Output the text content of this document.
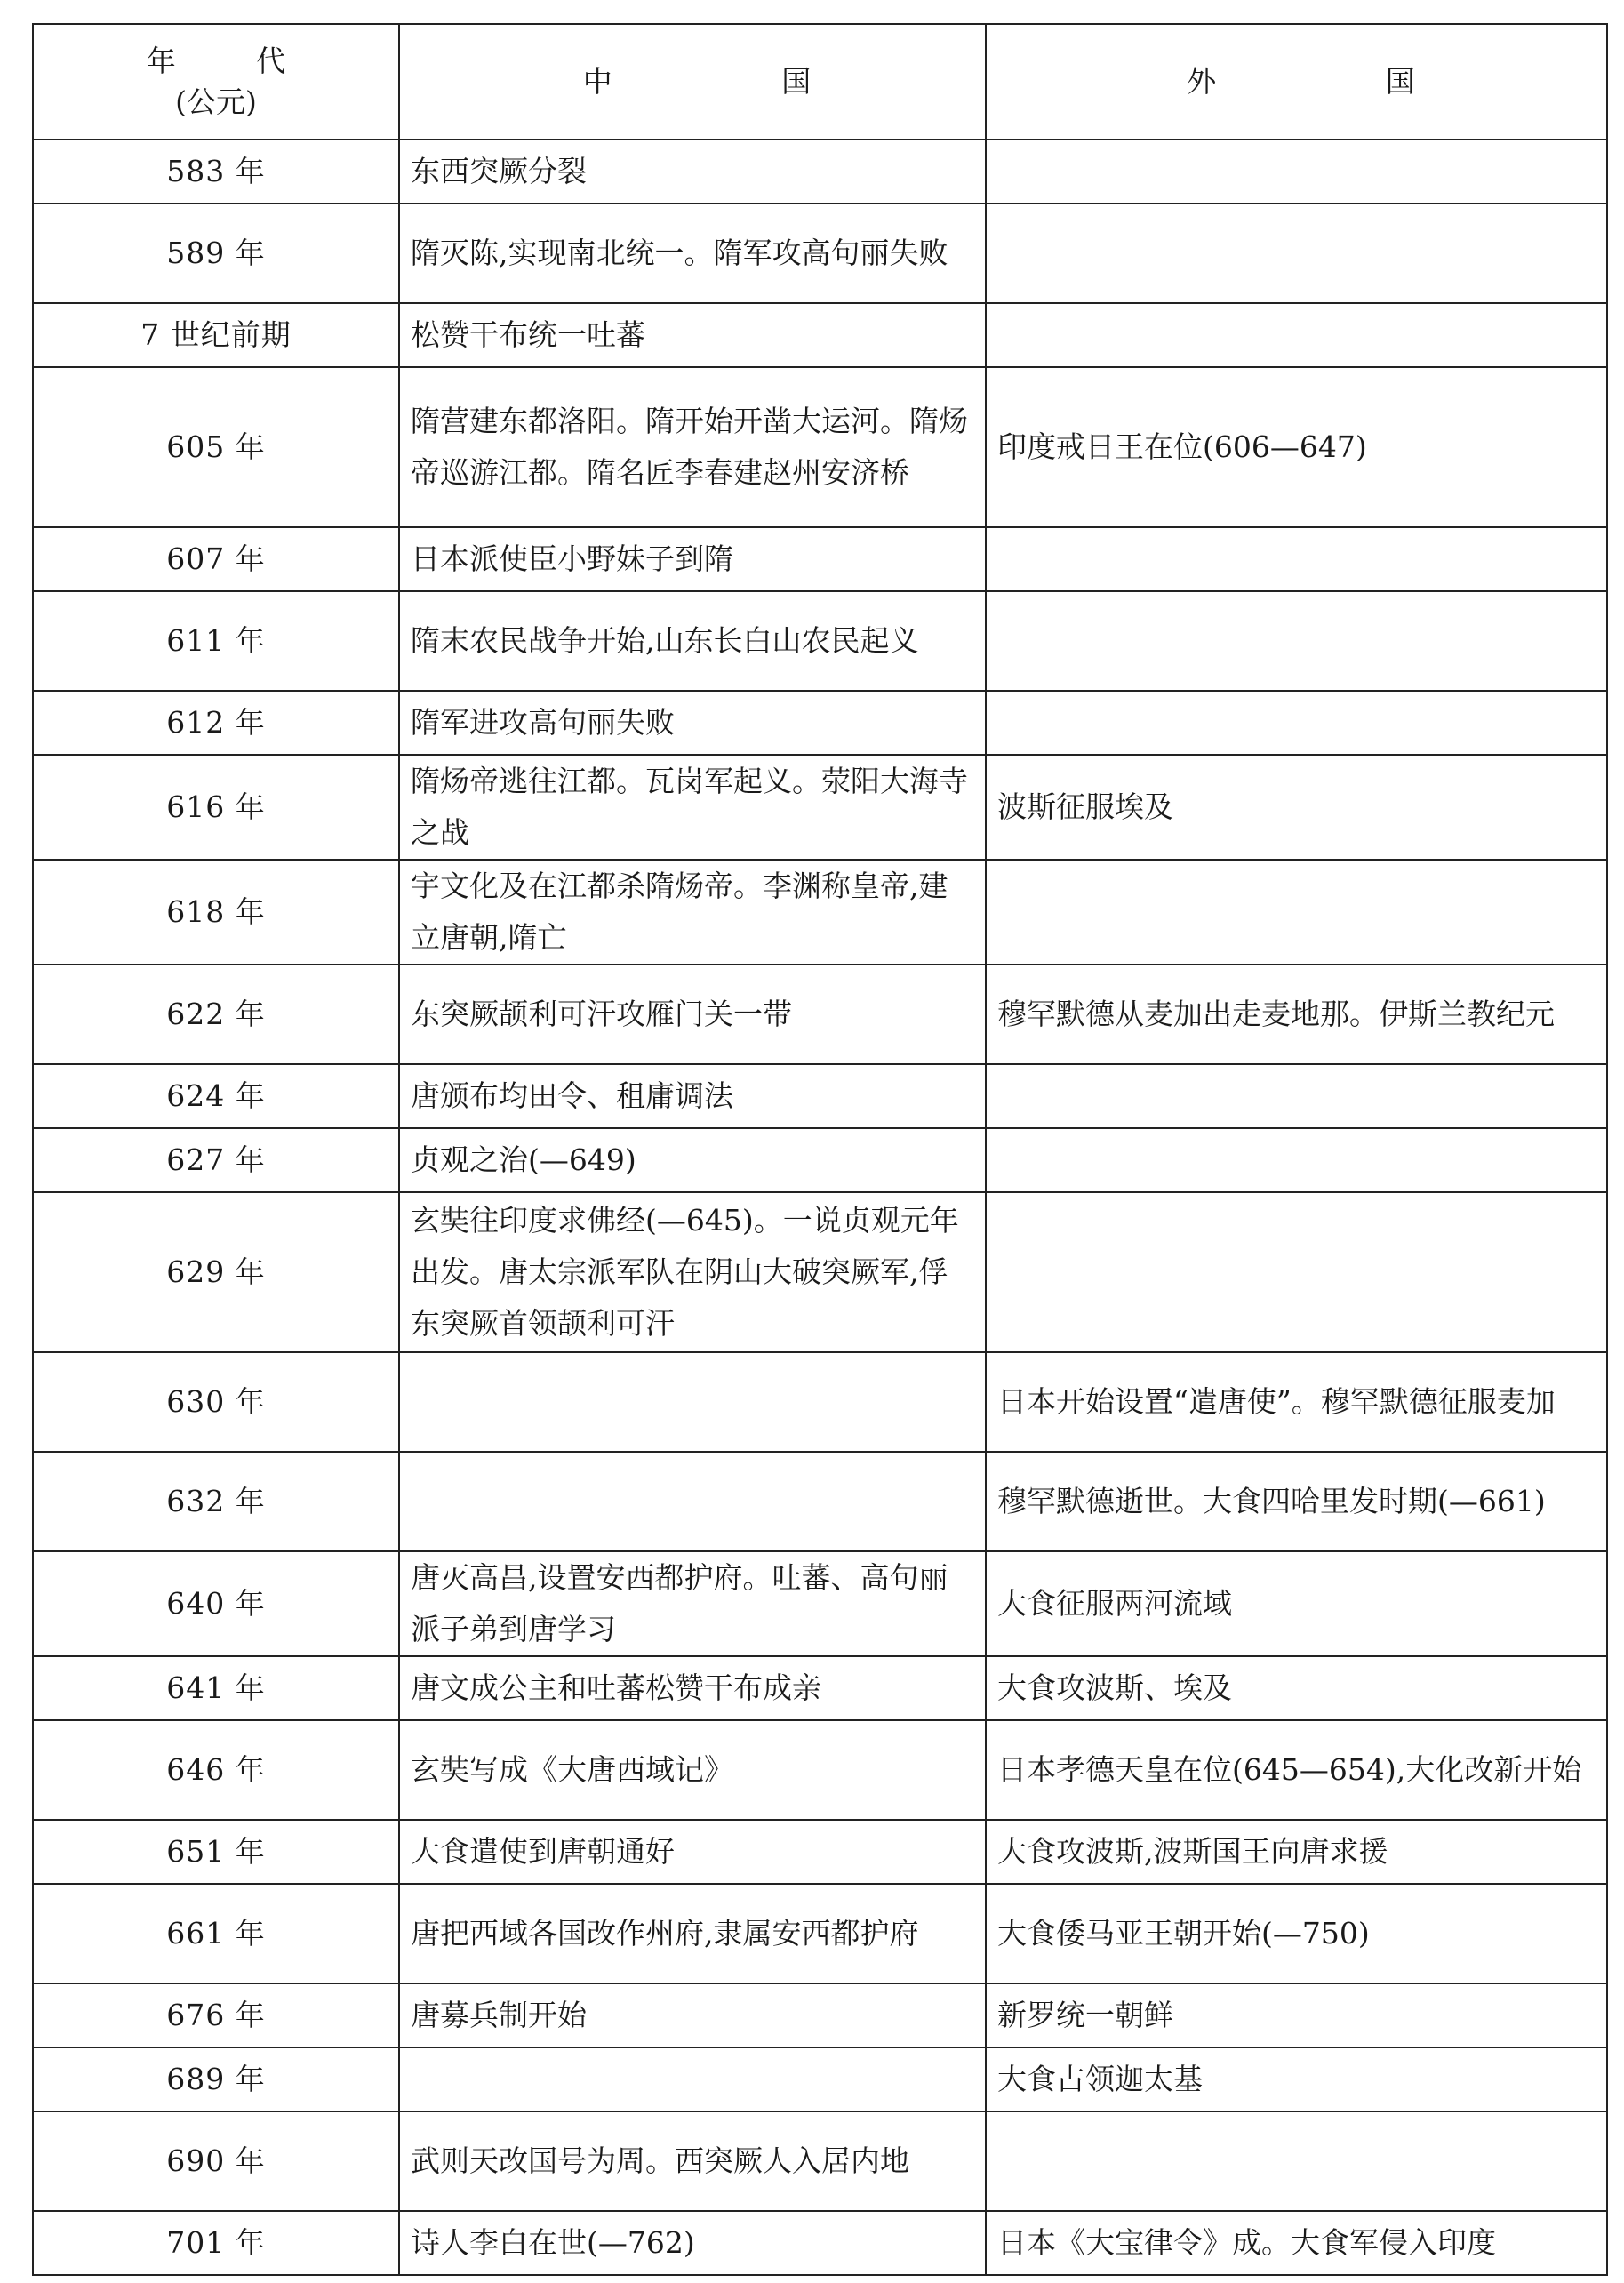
年 代
(公元)	中 国	外 国
583 年	东西突厥分裂	
589 年	隋灭陈,实现南北统一。隋军攻高句丽失败	
7 世纪前期	松赞干布统一吐蕃	
605 年	隋营建东都洛阳。隋开始开凿大运河。隋炀帝巡游江都。隋名匠李春建赵州安济桥	印度戒日王在位(606—647)
607 年	日本派使臣小野妹子到隋	
611 年	隋末农民战争开始,山东长白山农民起义	
612 年	隋军进攻高句丽失败	
616 年	隋炀帝逃往江都。瓦岗军起义。荥阳大海寺之战	波斯征服埃及
618 年	宇文化及在江都杀隋炀帝。李渊称皇帝,建立唐朝,隋亡	
622 年	东突厥颉利可汗攻雁门关一带	穆罕默德从麦加出走麦地那。伊斯兰教纪元
624 年	唐颁布均田令、租庸调法	
627 年	贞观之治(—649)	
629 年	玄奘往印度求佛经(—645)。一说贞观元年出发。唐太宗派军队在阴山大破突厥军,俘东突厥首领颉利可汗	
630 年		日本开始设置“遣唐使”。穆罕默德征服麦加
632 年		穆罕默德逝世。大食四哈里发时期(—661)
640 年	唐灭高昌,设置安西都护府。吐蕃、高句丽派子弟到唐学习	大食征服两河流域
641 年	唐文成公主和吐蕃松赞干布成亲	大食攻波斯、埃及
646 年	玄奘写成《大唐西域记》	日本孝德天皇在位(645—654),大化改新开始
651 年	大食遣使到唐朝通好	大食攻波斯,波斯国王向唐求援
661 年	唐把西域各国改作州府,隶属安西都护府	大食倭马亚王朝开始(—750)
676 年	唐募兵制开始	新罗统一朝鲜
689 年		大食占领迦太基
690 年	武则天改国号为周。西突厥人入居内地	
701 年	诗人李白在世(—762)	日本《大宝律令》成。大食军侵入印度
